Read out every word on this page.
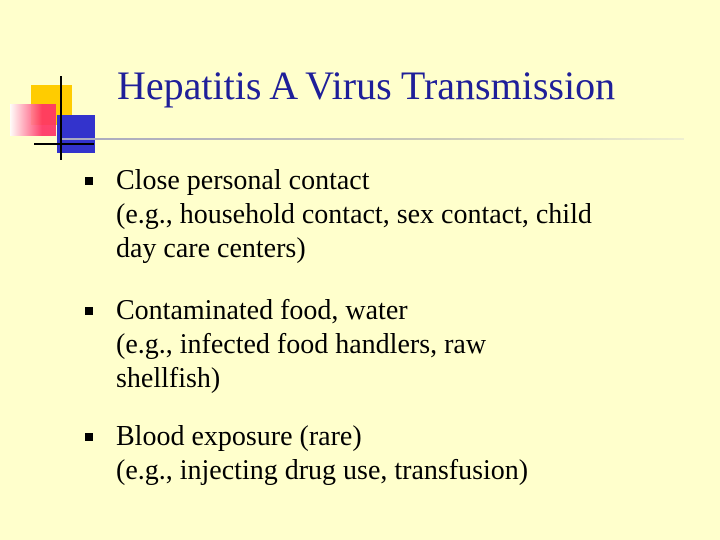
Hepatitis A Virus Transmission
Close personal contact
(e.g., household contact, sex contact, child
day care centers)
Contaminated food, water
(e.g., infected food handlers, raw
shellfish)
Blood exposure (rare)
(e.g., injecting drug use, transfusion)
